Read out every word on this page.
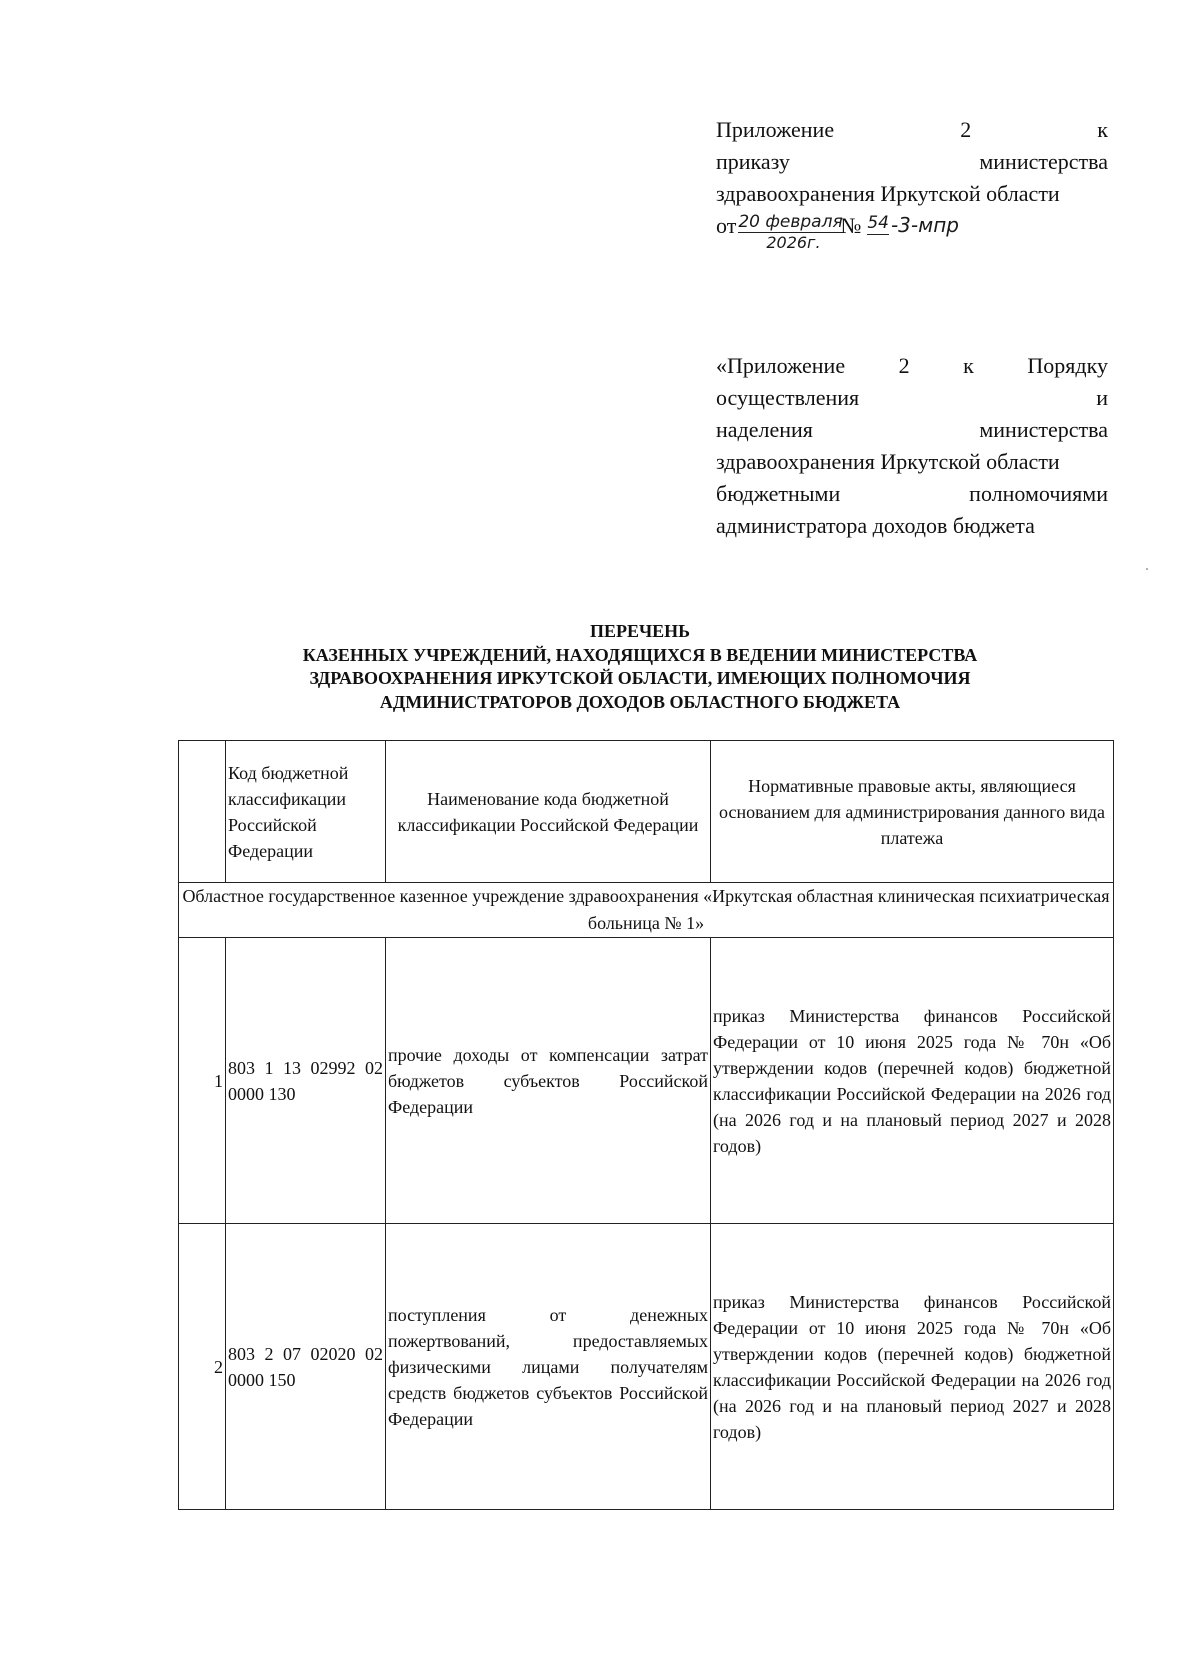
Приложение 2 к
приказу министерства
здравоохранения Иркутской области
от 20 февраля
2026г.
№ 54 -3-мпр
«Приложение 2 к Порядку
осуществления и
наделения министерства
здравоохранения Иркутской области
бюджетными полномочиями
администратора доходов бюджета
ПЕРЕЧЕНЬ
КАЗЕННЫХ УЧРЕЖДЕНИЙ, НАХОДЯЩИХСЯ В ВЕДЕНИИ МИНИСТЕРСТВА
ЗДРАВООХРАНЕНИЯ ИРКУТСКОЙ ОБЛАСТИ, ИМЕЮЩИХ ПОЛНОМОЧИЯ
АДМИНИСТРАТОРОВ ДОХОДОВ ОБЛАСТНОГО БЮДЖЕТА
	Код бюджетной классификации Российской Федерации	Наименование кода бюджетной классификации Российской Федерации	Нормативные правовые акты, являющиеся основанием для администрирования данного вида платежа
Областное государственное казенное учреждение здравоохранения «Иркутская областная клиническая психиатрическая больница № 1»			
1	803 1 13 02992 02 0000 130	прочие доходы от компенсации затрат бюджетов субъектов Российской Федерации	приказ Министерства финансов Российской Федерации от 10 июня 2025 года № 70н «Об утверждении кодов (перечней кодов) бюджетной классификации Российской Федерации на 2026 год (на 2026 год и на плановый период 2027 и 2028 годов)
2	803 2 07 02020 02 0000 150	поступления от денежных пожертвований, предоставляемых физическими лицами получателям средств бюджетов субъектов Российской Федерации	приказ Министерства финансов Российской Федерации от 10 июня 2025 года № 70н «Об утверждении кодов (перечней кодов) бюджетной классификации Российской Федерации на 2026 год (на 2026 год и на плановый период 2027 и 2028 годов)
